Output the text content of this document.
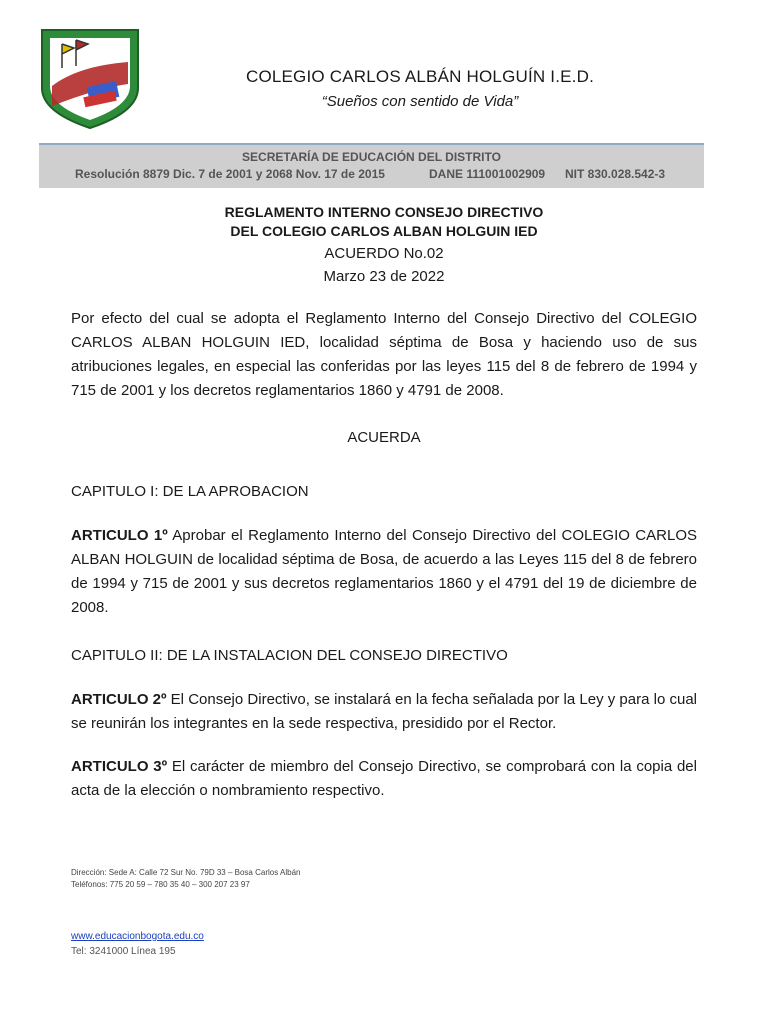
COLEGIO CARLOS ALBÁN HOLGUÍN I.E.D.
“Sueños con sentido de Vida”
SECRETARÍA DE EDUCACIÓN DEL DISTRITO
Resolución 8879 Dic. 7 de 2001 y 2068 Nov. 17 de 2015	DANE 111001002909 NIT 830.028.542-3
REGLAMENTO INTERNO CONSEJO DIRECTIVO
DEL COLEGIO CARLOS ALBAN HOLGUIN IED
ACUERDO No.02
Marzo 23 de 2022
Por efecto del cual se adopta el Reglamento Interno del Consejo Directivo del COLEGIO CARLOS ALBAN HOLGUIN IED, localidad séptima de Bosa y haciendo uso de sus atribuciones legales, en especial las conferidas por las leyes 115 del 8 de febrero de 1994 y 715 de 2001 y los decretos reglamentarios 1860 y 4791 de 2008.
ACUERDA
CAPITULO I: DE LA APROBACION
ARTICULO 1º Aprobar el Reglamento Interno del Consejo Directivo del COLEGIO CARLOS ALBAN HOLGUIN de localidad séptima de Bosa, de acuerdo a las Leyes 115 del 8 de febrero de 1994 y 715 de 2001 y sus decretos reglamentarios 1860 y el 4791 del 19 de diciembre de 2008.
CAPITULO II: DE LA INSTALACION DEL CONSEJO DIRECTIVO
ARTICULO 2º El Consejo Directivo, se instalará en la fecha señalada por la Ley y para lo cual se reunirán los integrantes en la sede respectiva, presidido por el Rector.
ARTICULO 3º El carácter de miembro del Consejo Directivo, se comprobará con la copia del acta de la elección o nombramiento respectivo.
Dirección: Sede A: Calle 72 Sur No. 79D 33 – Bosa Carlos Albán
Teléfonos: 775 20 59 – 780 35 40 – 300 207 23 97
www.educacionbogota.edu.co
Tel: 3241000 Línea 195
